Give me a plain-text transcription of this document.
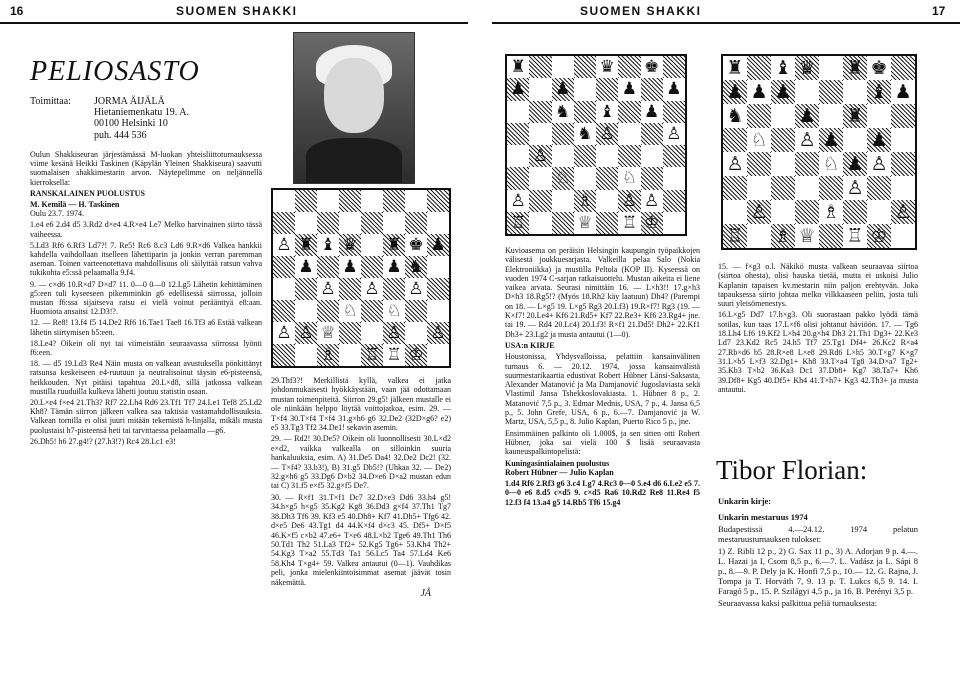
16	SUOMEN SHAKKI	SUOMEN SHAKKI	17
PELIOSASTO
Toimittaa:	JORMA ÄIJÄLÄ
Hietaniemenkatu 19. A.
00100 Helsinki 10
puh. 444 536

Oulun Shakkiseuran järjestämässä M-luokan yhteisliittoturnauksessa viime kesänä Heikki Taskinen (Käpylän Yleinen Shakkiseura) saavutti suomalaisen shakkimestarin arvon. Näytepelimme on neljännellä kierroksella:

RANSKALAINEN PUOLUSTUS

M. Kemilä — H. Taskinen

Oulu 23.7. 1974.

1.e4 e6 2.d4 d5 3.Rd2 d×e4 4.R×e4 Le7 Melko harvinainen siirto tässä vaiheessa.

5.Ld3 Rf6 6.Rf3 Ld7?! 7. Re5! Rc6 8.c3 Ld6 9.R×d6 Valkea hankkii kahdella vaihdollaan itselleen lähettiparin ja jonkin verran paremman aseman. Toinen varteenotettava mahdollisuus oli säilyttää ratsun vahva tukikohta e5:ssä pelaamalla 9.f4.

9. — c×d6 10.R×d7 D×d7 11. 0—0 0—0 12.Lg5 Lähetin kehittäminen g5:een tuli kyseeseen pikemminkin g6 edellisessä siirrossa, jolloin mustan f6:ssa sijaitseva ratsu ei vielä voinut peräänttyä e8:aan. Huomiota ansaitsi 12.D3!?.

12. — Re8! 13.f4 f5 14.De2 Rf6 16.Tae1 Tae8 16.Tf3 a6 Estää valkean lähetin siirtymisen b5:een.

18.Le4? Oikein oli nyt tai viimeistään seuraavassa siirrossa lyönti f6:een.

18. — d5 19.Ld3 Re4 Näin musta on valkean avustuksella pönkittänyt ratsunsa keskeiseen e4-ruutuun ja neutralisoinut täysin e6-pisteensä, heikkouden. Nyt pitäisi tapahtua 20.L×d8, sillä jatkossa valkean mustilla ruuduilla kulkeva lähetti joutuu statistin osaan.

20.L×e4 f×e4 21.Th3? Rf7 22.Lh4 Rd6 23.Tf1 Tf7 24.Le1 Tef8 25.Ld2 Kh8? Tämän siirron jälkeen valkea saa taktisia vastamahdollisuuksia. Valkean tornilla ei olisi juuri mitään tekemistä h-linjalla, mikäli musta puolustaisi h7-pisteensä heti tai tarvittaessa pelaamalla —g6.

26.Dh5! h6 27.g4!? (27.h3!?) Rc4 28.Lc1 e3!

♙ ♜ ♝ ♛ ♜ ♚ ♟
♟ ♟ ♟ ♞
♙ ♙ ♙
♘ ♘
♙ ♙ ♕	♙ ♙
♗ ♖ ♖ ♔
♜	♛ ♚
♟ ♟	♟ ♟
♞ ♝ ♟
♞ ♙	♙
♙
♘	♘
♙	♗ ♙ ♙
♖	♕ ♖ ♔
♜ ♝ ♛ ♜ ♚
♟ ♟ ♟	♝ ♟
♞	♟ ♜
♘ ♙ ♟ ♟
♙	♘ ♟ ♙
♙
♙	♗	♙
♖ ♗ ♕ ♖ ♔

29.Thf3?! Merkillistä kyllä, valkea ei jatka johdonmukaisesti hyökkäystään, vaan jää odottamaan mustan toimenpiteitä. Siirron 29.g5! jälkeen mustalle ei ole niinkään helppo löytää voittojatkoa, esim. 29. — T×f4 30.T×f4 T×f4 31.g×h6 g6 32.De2 (32D×g6? e2) e5 33.Tg3 Tf2 34.De1! sekavin asemin.

29. — Rd2! 30.De5? Oikein oli luonnollisesti 30.L×d2 e×d2, vaikka valkealla on silloinkin suuria hankaluuksia, esim. A) 31.De5 Da4! 32.De2 Dc2! (32. — T×f4? 33.b3!), B) 31.g5 Db5!? (Uhkaa 32. — De2) 32.g×h6 g5 33.Dg6 D×b2 34.D×e6 D×a2 mustan edun tai C) 31.f5 e×f5 32.g×f5 De7.

30. — R×f1 31.T×f1 Dc7 32.D×e3 Dd6 33.h4 g5! 34.h×g5 h×g5 35.Kg2 Kg8 36.Dd3 g×f4 37.Th1 Tg7 38.Dh3 Tf6 39. Kf3 e5 40.Dh8+ Kf7 41.Dh5+ Tfg6 42. d×e5 De6 43.Tg1 d4 44.K×f4 d×c3 45. Df5+ D×f5 46.K×f5 c×b2 47.e6+ T×e6 48.L×b2 Tge6 49.Th1 Th6 50.Td1 Th2 51.La3 Tf2+ 52.Kg5 Tg6+ 53.Kh4 Th2+ 54.Kg3 T×a2 55.Td3 Ta1 56.Lc5 Ta4 57.Ld4 Ke6 58.Kh4 T×g4+ 59. Valkea antautui (0—1). Vauhdikas peli, jonka mielenkiintoisimmat asemat jäävät tosin näkemättä.

JÄ

Kuvioasema on peräisin Helsingin kaupungin työpaikkojen välisestä joukkuesarjasta. Valkeilla pelaa Salo (Nokia Elektroniikka) ja mustilla Peltola (KOP II). Kyseessä on vuoden 1974 C-sarjan ratkaisuottelu. Mustan aikeita ei liene vaikea arvata. Seurasi nimittäin 16. — L×h3!! 17.g×h3 D×h3 18.Rg5!? (Myös 18.Rh2 käy laatuun) Dh4? (Parempi on 18. — L×g5 19. L×g5 Rg3 20.Lf3) 19.R×f7! Rg3 (19. — K×f7! 20.Le4+ Kf6 21.Rd5+ Kf7 22.Re3+ Kf6 23.Rg4+ jne. tai 19. — Rd4 20.Lc4) 20.Lf3! R×f1 21.Dd5! Dh2+ 22.Kf1 Dh3+ 23.Lg2 ja musta antautui (1—0).

USA:n KIRJE

Houstonissa, Yhdysvalloissa, pelattiin kansainvälinen turnaus 6. — 20.12. 1974, jossa kansainvälistä suurmestarikaartia edustivat Robert Hübner Länsi-Saksasta, Alexander Matanović ja Ma Damjanović Jugoslaviasta sekä Vlastimil Jansa Tshekkoslovakiasta. 1. Hübner 8 p., 2. Matanović 7,5 p., 3. Edmar Mednis, USA, 7 p., 4. Jansa 6,5 p., 5. John Grefe, USA, 6 p., 6.—7. Damjanović ja W. Martz, USA, 5,5 p., 8. Julio Kaplan, Puerto Rico 5 p., jne.

Ensimmäinen palkinto oli 1.000$, ja sen sitten otti Robert Hübner, joka sai vielä 100 $ lisää seuraavasta kauneuspalkintopelistä:

Kuningasintialainen puolustus

Robert Hübner — Julio Kaplan

1.d4 Rf6 2.Rf3 g6 3.c4 Lg7 4.Rc3 0—0 5.e4 d6 6.Le2 e5 7. 0—0 e6 8.d5 c×d5 9. c×d5 Ra6 10.Rd2 Re8 11.Re4 f5 12.f3 f4 13.a4 g5 14.Rb5 Tf6 15.g4

15. — f×g3 o.l. Näkikö musta valkean seuraavaa siirtoa (siirtoa ohesta), olisi hauska tietää, mutta ei uskoisi Julio Kaplanin tapaisen kv.mestarin niin paljon erehtyvän. Joka tapauksessa siirto johtaa melko vilkkaaseen peliin, josta tuli suuri yleisömenestys.

16.L×g5 Dd7 17.h×g3. Oli suorastaan pakko lyödä tämä sotilas, kun taas 17.L×f6 olisi johtanut häviöön. 17. — Tg6 18.Lh4 Lf6 19.Kf2 L×h4 20.g×h4 Dh3 21.Th1 Dg3+ 22.Ke3 Ld7 23.Kd2 Rc5 24.h5 Tf7 25.Tg1 Df4+ 26.Kc2 R×a4 27.Rb×d6 b5 28.R×e8 L×e8 29.Rd6 L×h5 30.T×g7 K×g7 31.L×b5 L×f3 32.Dg1+ Kh8 33.T×a4 Tg8 34.D×a7 Tg2+ 35.Kb3 T×b2 36.Ka3 Dc1 37.Db8+ Kg7 38.Ta7+ Kh6 39.Df8+ Kg5 40.Df5+ Kh4 41.T×h7+ Kg3 42.Th3+ ja musta antautui.

Tibor Florian:

Unkarin kirje:

Unkarin mestaruus 1974

Budapestissä 4.—24.12. 1974 pelatun mestaruusturnauksen tulokset:

1) Z. Ribli 12 p., 2) G. Sax 11 p., 3) A. Adorjan 9 p. 4.—. L. Hazai ja I, Csom 8,5 p., 6.—7. L. Vadász ja L. Sápi 8 p., 8.—9. P. Dely ja K. Honfi 7,5 p., 10.— 12. G. Rajna, J. Tompa ja T. Horváth 7, 9. 13 p. T. Lukcs 6,5 9. 14. I. Faragó 5 p., 15. P. Szilágyi 4,5 p., ja 16. B. Perényi 3,5 p.

Seuraavassa kaksi palkittua peliä turnauksesta:
